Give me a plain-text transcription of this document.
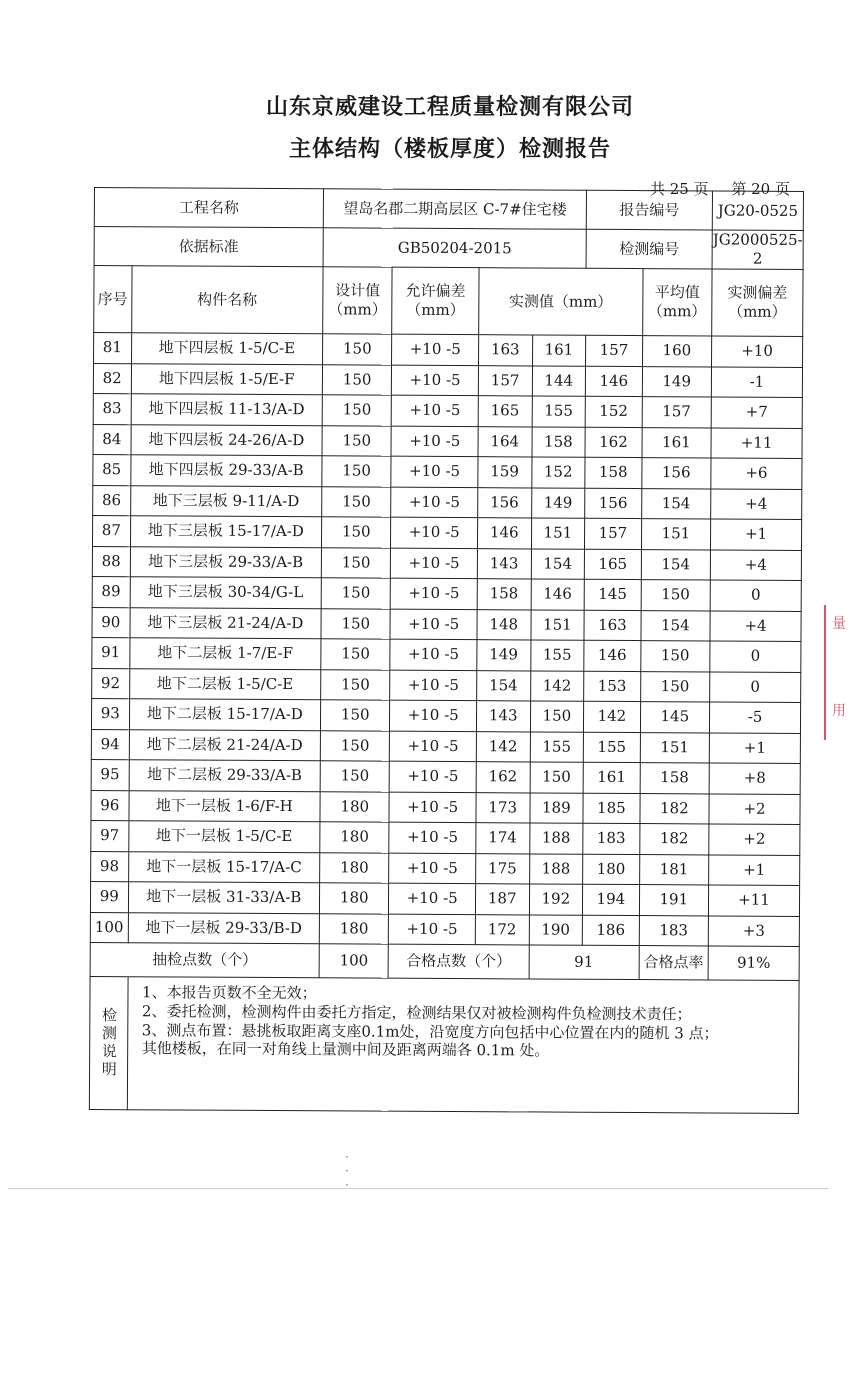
山东京威建设工程质量检测有限公司
主体结构（楼板厚度）检测报告
共 25 页 第 20 页
工程名称		望岛名郡二期高层区 C-7#住宅楼				报告编号		JG20-0525
依据标准		GB50204-2015				检测编号		JG2000525-2
序号	构件名称	设计值（mm）	允许偏差（mm）	实测值（mm）			平均值（mm）	实测偏差（mm）
81	地下四层板 1-5/C-E	150	+10 -5	163	161	157	160	+10
82	地下四层板 1-5/E-F	150	+10 -5	157	144	146	149	-1
83	地下四层板 11-13/A-D	150	+10 -5	165	155	152	157	+7
84	地下四层板 24-26/A-D	150	+10 -5	164	158	162	161	+11
85	地下四层板 29-33/A-B	150	+10 -5	159	152	158	156	+6
86	地下三层板 9-11/A-D	150	+10 -5	156	149	156	154	+4
87	地下三层板 15-17/A-D	150	+10 -5	146	151	157	151	+1
88	地下三层板 29-33/A-B	150	+10 -5	143	154	165	154	+4
89	地下三层板 30-34/G-L	150	+10 -5	158	146	145	150	0
90	地下三层板 21-24/A-D	150	+10 -5	148	151	163	154	+4
91	地下二层板 1-7/E-F	150	+10 -5	149	155	146	150	0
92	地下二层板 1-5/C-E	150	+10 -5	154	142	153	150	0
93	地下二层板 15-17/A-D	150	+10 -5	143	150	142	145	-5
94	地下二层板 21-24/A-D	150	+10 -5	142	155	155	151	+1
95	地下二层板 29-33/A-B	150	+10 -5	162	150	161	158	+8
96	地下一层板 1-6/F-H	180	+10 -5	173	189	185	182	+2
97	地下一层板 1-5/C-E	180	+10 -5	174	188	183	182	+2
98	地下一层板 15-17/A-C	180	+10 -5	175	188	180	181	+1
99	地下一层板 31-33/A-B	180	+10 -5	187	192	194	191	+11
100	地下一层板 29-33/B-D	180	+10 -5	172	190	186	183	+3
抽检点数（个）		100	合格点数（个）		91		合格点率	91%
检测说明	1、本报告页数不全无效；
2、委托检测，检测构件由委托方指定，检测结果仅对被检测构件负检测技术责任；
3、测点布置：悬挑板取距离支座0.1m处，沿宽度方向包括中心位置在内的随机 3 点；
其他楼板，在同一对角线上量测中间及距离两端各 0.1m 处。							
量
用
·
·
·
